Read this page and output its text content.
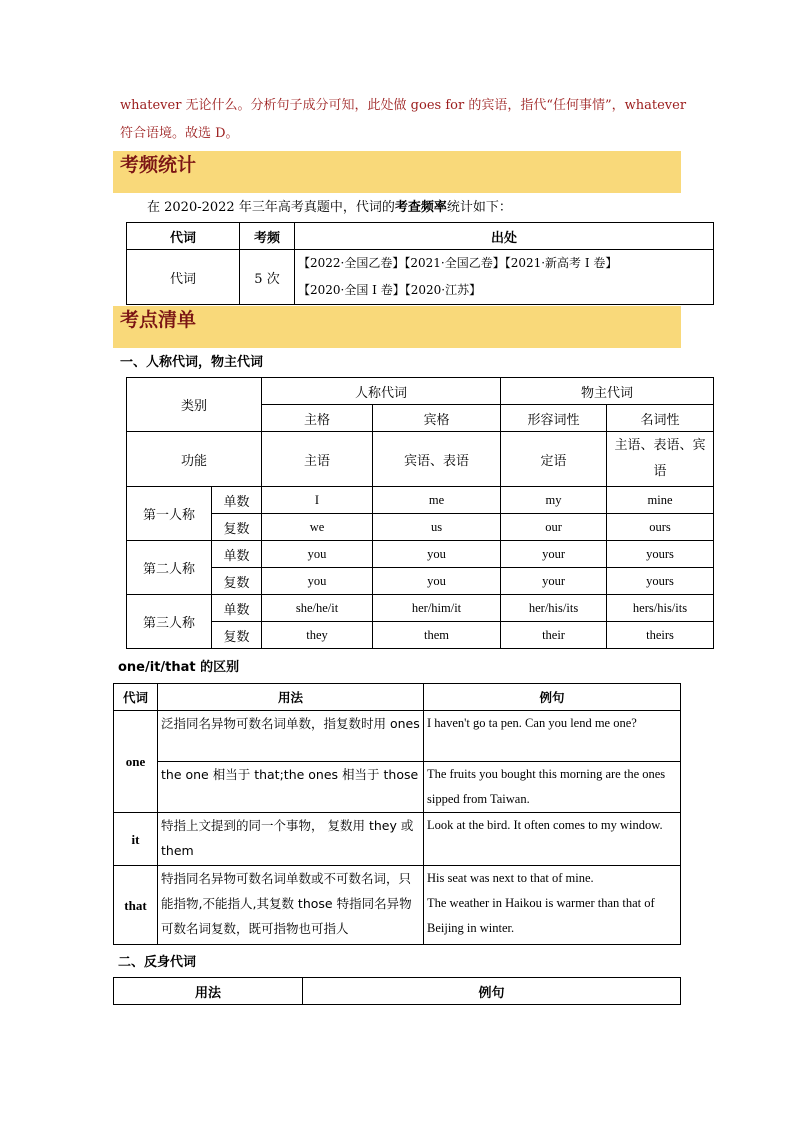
whatever 无论什么。分析句子成分可知，此处做 goes for 的宾语，指代“任何事情”，whatever
符合语境。故选 D。
考频统计
在 2020-2022 年三年高考真题中，代词的考查频率统计如下：
代词	考频	出处
代词	5 次	【2022·全国乙卷】【2021·全国乙卷】【2021·新高考 I 卷】
【2020·全国 I 卷】【2020·江苏】
考点清单
一、人称代词，物主代词
类别		人称代词		物主代词	
		主格	宾格	形容词性	名词性
功能		主语	宾语、表语	定语	主语、表语、宾语
第一人称	单数	I	me	my	mine
	复数	we	us	our	ours
第二人称	单数	you	you	your	yours
	复数	you	you	your	yours
第三人称	单数	she/he/it	her/him/it	her/his/its	hers/his/its
	复数	they	them	their	theirs
one/it/that 的区别
代词	用法	例句
one	泛指同名异物可数名词单数，指复数时用 ones	I haven't go ta pen. Can you lend me one?
	the one 相当于 that;the ones 相当于 those	The fruits you bought this morning are the ones sipped from Taiwan.
it	特指上文提到的同一个事物， 复数用 they 或 them	Look at the bird. It often comes to my window.
that	特指同名异物可数名词单数或不可数名词，只能指物,不能指人,其复数 those 特指同名异物可数名词复数，既可指物也可指人	His seat was next to that of mine.
The weather in Haikou is warmer than that of Beijing in winter.
二、反身代词
用法	例句
